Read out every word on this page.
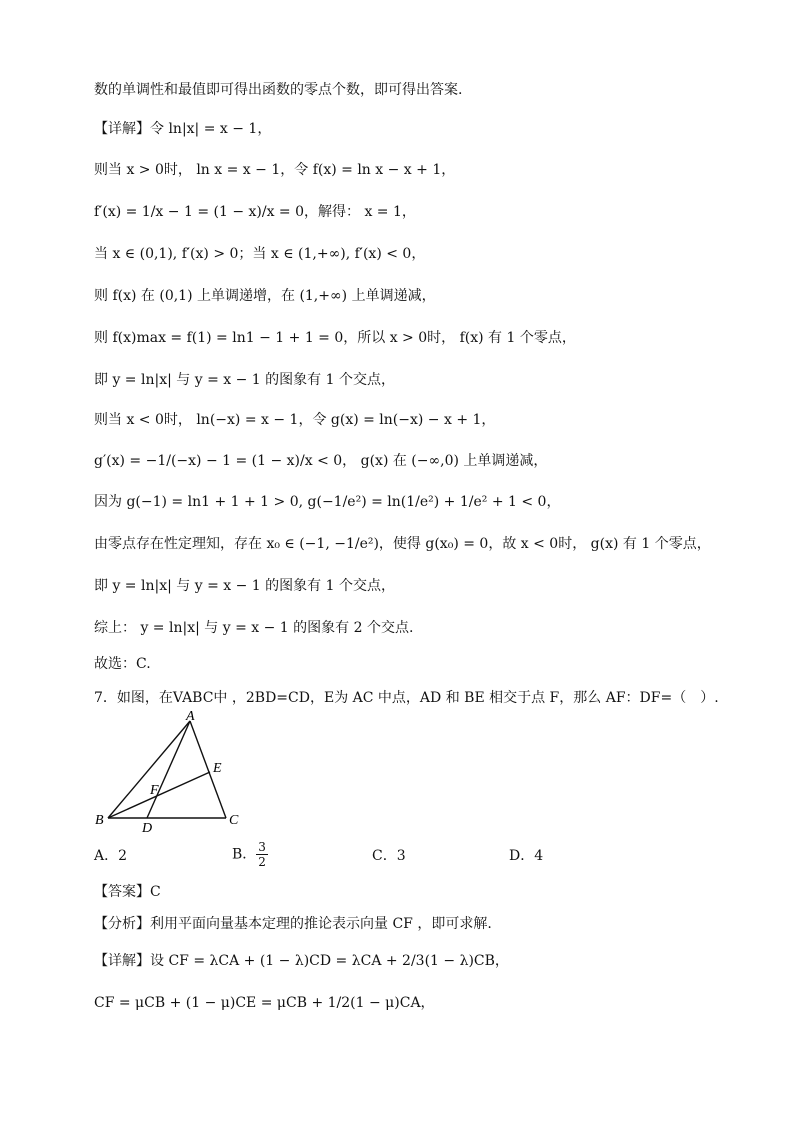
数的单调性和最值即可得出函数的零点个数，即可得出答案.
【详解】令 ln|x| = x − 1，
则当 x > 0时， ln x = x − 1，令 f(x) = ln x − x + 1，
f′(x) = 1/x − 1 = (1 − x)/x = 0，解得： x = 1，
当 x ∈ (0,1), f′(x) > 0；当 x ∈ (1,+∞), f′(x) < 0，
则 f(x) 在 (0,1) 上单调递增，在 (1,+∞) 上单调递减，
则 f(x)max = f(1) = ln1 − 1 + 1 = 0，所以 x > 0时， f(x) 有 1 个零点，
即 y = ln|x| 与 y = x − 1 的图象有 1 个交点，
则当 x < 0时， ln(−x) = x − 1，令 g(x) = ln(−x) − x + 1，
g′(x) = −1/(−x) − 1 = (1 − x)/x < 0， g(x) 在 (−∞,0) 上单调递减，
因为 g(−1) = ln1 + 1 + 1 > 0, g(−1/e²) = ln(1/e²) + 1/e² + 1 < 0，
由零点存在性定理知，存在 x₀ ∈ (−1, −1/e²)，使得 g(x₀) = 0，故 x < 0时， g(x) 有 1 个零点，
即 y = ln|x| 与 y = x − 1 的图象有 1 个交点，
综上： y = ln|x| 与 y = x − 1 的图象有 2 个交点.
故选：C.
7．如图，在VABC中 ，2BD=CD，E为 AC 中点，AD 和 BE 相交于点 F，那么 AF：DF=（　）.
A
B	C
D
E
F
A．2	B． $\frac{3}{2}$	C．3	D．4
【答案】C
【分析】利用平面向量基本定理的推论表示向量 CF ，即可求解.
【详解】设 CF = λCA + (1 − λ)CD = λCA + 2/3(1 − λ)CB，
CF = μCB + (1 − μ)CE = μCB + 1/2(1 − μ)CA，
